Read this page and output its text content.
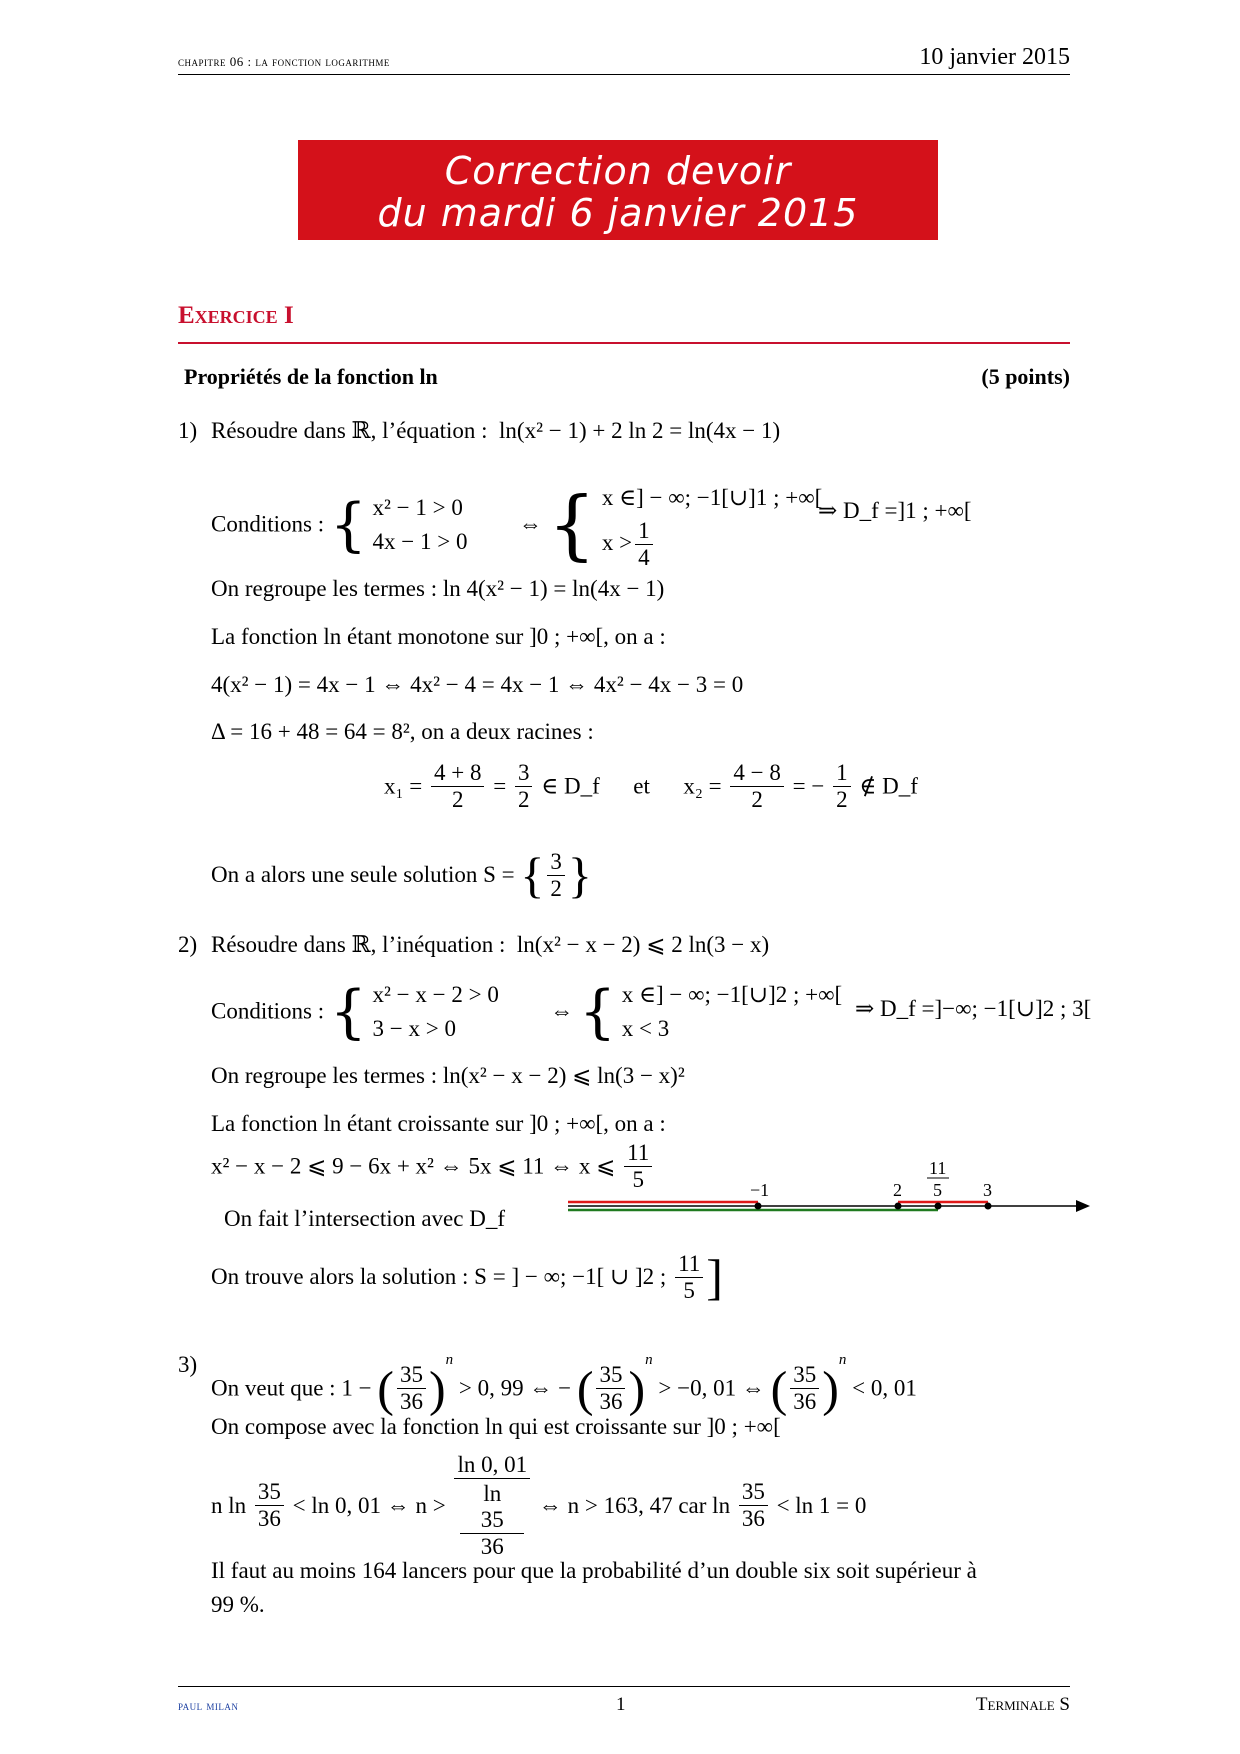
chapitre 06 : la fonction logarithme	10 janvier 2015
Correction devoir
du mardi 6 janvier 2015
Exercice I
Propriétés de la fonction ln	(5 points)
1) Résoudre dans ℝ, l’équation : ln(x² − 1) + 2 ln 2 = ln(4x − 1)
Conditions : { x² − 1 > 0
4x − 1 > 0  ⇔ { x ∈] − ∞; −1[∪]1 ; +∞[
$x > \frac{1}{4}$
⇒ D_f =]1 ; +∞[
On regroupe les termes : ln 4(x² − 1) = ln(4x − 1)
La fonction ln étant monotone sur ]0 ; +∞[, on a :
4(x² − 1) = 4x − 1 ⇔ 4x² − 4 = 4x − 1 ⇔ 4x² − 4x − 3 = 0
Δ = 16 + 48 = 64 = 8², on a deux racines :
$x_1 = \frac{4 + 8}{2} = \frac{3}{2}$ ∈ D_f et $x_2 = \frac{4 - 8}{2}$ = − $\frac{1}{2}$ ∉ D_f
On a alors une seule solution S = { $\frac{3}{2}$ }
2) Résoudre dans ℝ, l’inéquation : ln(x² − x − 2) ⩽ 2 ln(3 − x)
Conditions : { x² − x − 2 > 0
3 − x > 0  ⇔ { x ∈] − ∞; −1[∪]2 ; +∞[
x < 3
⇒ D_f =]−∞; −1[∪]2 ; 3[
On regroupe les termes : ln(x² − x − 2) ⩽ ln(3 − x)²
La fonction ln étant croissante sur ]0 ; +∞[, on a :
x² − x − 2 ⩽ 9 − 6x + x² ⇔ 5x ⩽ 11 ⇔ x ⩽ $\frac{11}{5}$
On fait l’intersection avec D_f
−1	2	3
11
5
On trouve alors la solution : S = ] − ∞; −1[ ∪ ]2 ; $\frac{11}{5}$ ]
3)
On veut que : 1 − ( $\frac{35}{36} )^n > 0$, 99 ⇔ − ( $\frac{35}{36} )^n > -0$, 01 ⇔ ( $\frac{35}{36} )^n < 0$, 01
On compose avec la fonction ln qui est croissante sur ]0 ; +∞[
n $\ln \frac{35}{36} < \ln 0$, 01 ⇔ n > ln 0, 01
ln
35
36 ⇔ n > 163, 47 car $\ln \frac{35}{36} < \ln 1 = 0$
Il faut au moins 164 lancers pour que la probabilité d’un double six soit supérieur à
99 %.
paul milan	1	Terminale S
